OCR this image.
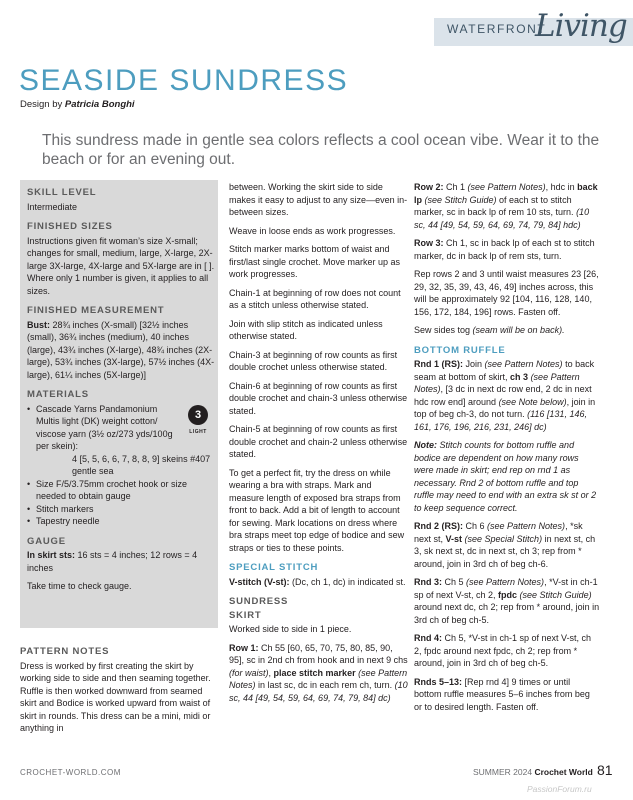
WATERFRONT
Living
SEASIDE SUNDRESS
Design by Patricia Bonghi
This sundress made in gentle sea colors reflects a cool ocean vibe. Wear it to the beach or for an evening out.
SKILL LEVEL

Intermediate

FINISHED SIZES

Instructions given fit woman’s size X-small; changes for small, medium, large, X-large, 2X-large 3X-large, 4X-large and 5X-large are in [ ]. Where only 1 number is given, it applies to all sizes.

FINISHED MEASUREMENT

Bust: 28¾ inches (X-small) [32½ inches (small), 36¾ inches (medium), 40 inches (large), 43¾ inches (X-large), 48¾ inches (2X-large), 53¾ inches (3X-large), 57½ inches (4X-large), 61¼ inches (5X-large)]

MATERIALS
3
LIGHT
• Cascade Yarns Pandamonium Multis light (DK) weight cotton/ viscose yarn (3½ oz/273 yds/100g per skein):
4 [5, 5, 6, 6, 7, 8, 8, 9] skeins #407 gentle sea
• Size F/5/3.75mm crochet hook or size needed to obtain gauge
• Stitch markers
• Tapestry needle
GAUGE

In skirt sts: 16 sts = 4 inches; 12 rows = 4 inches

Take time to check gauge.

PATTERN NOTES

Dress is worked by first creating the skirt by working side to side and then seaming together. Ruffle is then worked downward from seamed skirt and Bodice is worked upward from waist of skirt in rounds. This dress can be a mini, midi or anything in

between. Working the skirt side to side makes it easy to adjust to any size—even in-between sizes.

Weave in loose ends as work progresses.

Stitch marker marks bottom of waist and first/last single crochet. Move marker up as work progresses.

Chain-1 at beginning of row does not count as a stitch unless otherwise stated.

Join with slip stitch as indicated unless otherwise stated.

Chain-3 at beginning of row counts as first double crochet unless otherwise stated.

Chain-6 at beginning of row counts as first double crochet and chain-3 unless otherwise stated.

Chain-5 at beginning of row counts as first double crochet and chain-2 unless otherwise stated.

To get a perfect fit, try the dress on while wearing a bra with straps. Mark and measure length of exposed bra straps from front to back. Add a bit of length to account for sewing. Mark locations on dress where bra straps meet top edge of bodice and sew straps or ties to these points.

SPECIAL STITCH

V-stitch (V-st): (Dc, ch 1, dc) in indicated st.

SUNDRESS
SKIRT

Worked side to side in 1 piece.

Row 1: Ch 55 [60, 65, 70, 75, 80, 85, 90, 95], sc in 2nd ch from hook and in next 9 chs (for waist), place stitch marker (see Pattern Notes) in last sc, dc in each rem ch, turn. (10 sc, 44 [49, 54, 59, 64, 69, 74, 79, 84] dc)

Row 2: Ch 1 (see Pattern Notes), hdc in back lp (see Stitch Guide) of each st to stitch marker, sc in back lp of rem 10 sts, turn. (10 sc, 44 [49, 54, 59, 64, 69, 74, 79, 84] hdc)

Row 3: Ch 1, sc in back lp of each st to stitch marker, dc in back lp of rem sts, turn.

Rep rows 2 and 3 until waist measures 23 [26, 29, 32, 35, 39, 43, 46, 49] inches across, this will be approximately 92 [104, 116, 128, 140, 156, 172, 184, 196] rows. Fasten off.

Sew sides tog (seam will be on back).

BOTTOM RUFFLE

Rnd 1 (RS): Join (see Pattern Notes) to back seam at bottom of skirt, ch 3 (see Pattern Notes), [3 dc in next dc row end, 2 dc in next hdc row end] around (see Note below), join in top of beg ch-3, do not turn. (116 [131, 146, 161, 176, 196, 216, 231, 246] dc)

Note: Stitch counts for bottom ruffle and bodice are dependent on how many rows were made in skirt; end rep on rnd 1 as necessary. Rnd 2 of bottom ruffle and top ruffle may need to end with an extra sk st or 2 to keep sequence correct.

Rnd 2 (RS): Ch 6 (see Pattern Notes), *sk next st, V-st (see Special Stitch) in next st, ch 3, sk next st, dc in next st, ch 3; rep from * around, join in 3rd ch of beg ch-6.

Rnd 3: Ch 5 (see Pattern Notes), *V-st in ch-1 sp of next V-st, ch 2, fpdc (see Stitch Guide) around next dc, ch 2; rep from * around, join in 3rd ch of beg ch-5.

Rnd 4: Ch 5, *V-st in ch-1 sp of next V-st, ch 2, fpdc around next fpdc, ch 2; rep from * around, join in 3rd ch of beg ch-5.

Rnds 5–13: [Rep rnd 4] 9 times or until bottom ruffle measures 5–6 inches from beg or to desired length. Fasten off.

CROCHET-WORLD.COM	SUMMER 2024 Crochet World 81
PassionForum.ru
